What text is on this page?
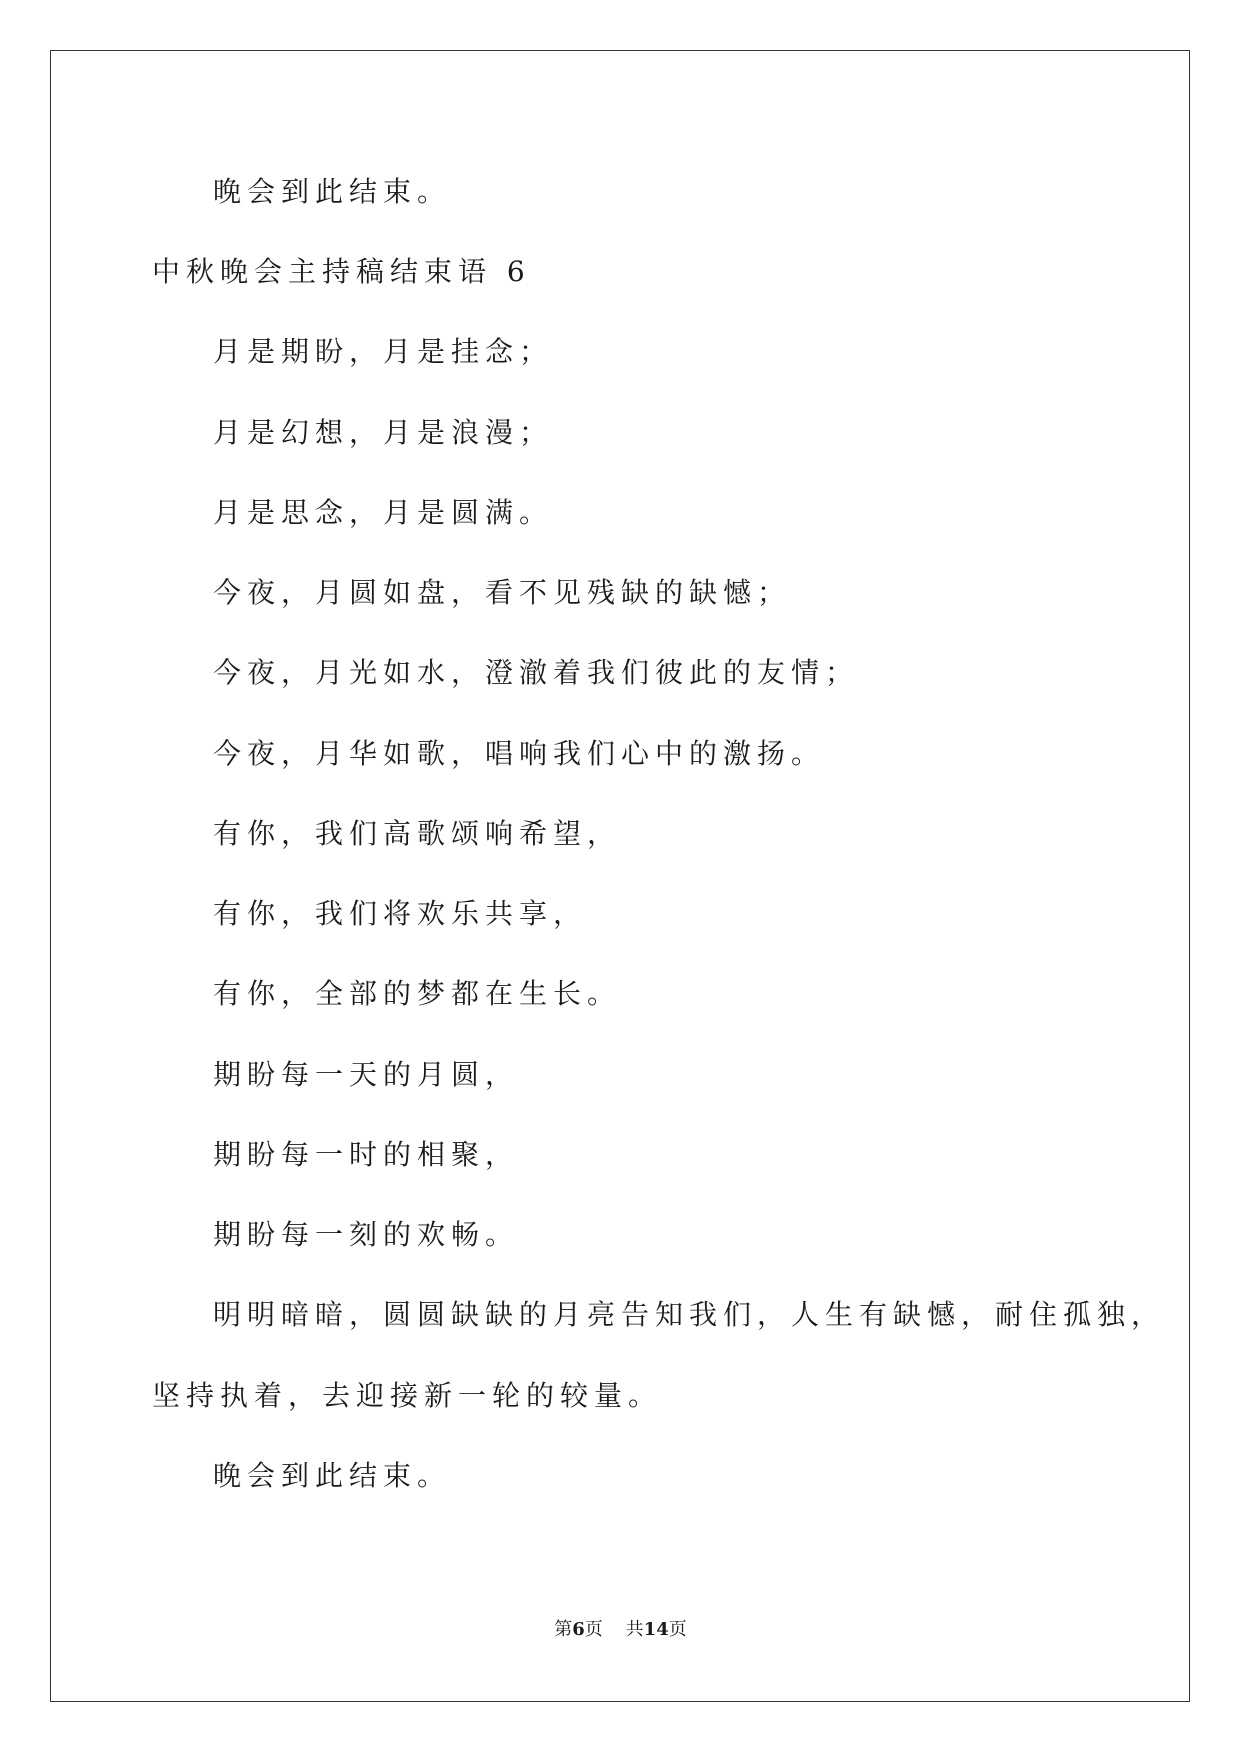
晚会到此结束。
中秋晚会主持稿结束语 6
月是期盼，月是挂念；
月是幻想，月是浪漫；
月是思念，月是圆满。
今夜，月圆如盘，看不见残缺的缺憾；
今夜，月光如水，澄澈着我们彼此的友情；
今夜，月华如歌，唱响我们心中的激扬。
有你，我们高歌颂响希望，
有你，我们将欢乐共享，
有你，全部的梦都在生长。
期盼每一天的月圆，
期盼每一时的相聚，
期盼每一刻的欢畅。
明明暗暗，圆圆缺缺的月亮告知我们，人生有缺憾，耐住孤独，
坚持执着，去迎接新一轮的较量。
晚会到此结束。
第6页 共14页
